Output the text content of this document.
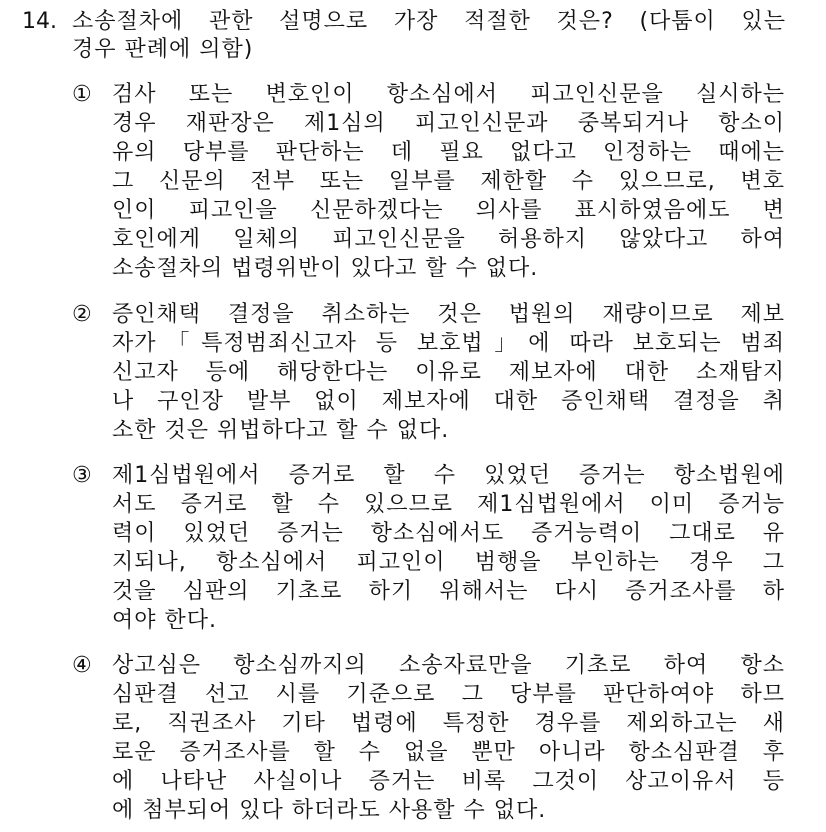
14. 소송절차에 관한 설명으로 가장 적절한 것은? (다툼이 있는
경우 판례에 의함)
① 검사 또는 변호인이 항소심에서 피고인신문을 실시하는
경우 재판장은 제1심의 피고인신문과 중복되거나 항소이
유의 당부를 판단하는 데 필요 없다고 인정하는 때에는
그 신문의 전부 또는 일부를 제한할 수 있으므로, 변호
인이 피고인을 신문하겠다는 의사를 표시하였음에도 변
호인에게 일체의 피고인신문을 허용하지 않았다고 하여
소송절차의 법령위반이 있다고 할 수 없다.
② 증인채택 결정을 취소하는 것은 법원의 재량이므로 제보
자가「특정범죄신고자 등 보호법」에 따라 보호되는 범죄
신고자 등에 해당한다는 이유로 제보자에 대한 소재탐지
나 구인장 발부 없이 제보자에 대한 증인채택 결정을 취
소한 것은 위법하다고 할 수 없다.
③ 제1심법원에서 증거로 할 수 있었던 증거는 항소법원에
서도 증거로 할 수 있으므로 제1심법원에서 이미 증거능
력이 있었던 증거는 항소심에서도 증거능력이 그대로 유
지되나, 항소심에서 피고인이 범행을 부인하는 경우 그
것을 심판의 기초로 하기 위해서는 다시 증거조사를 하
여야 한다.
④ 상고심은 항소심까지의 소송자료만을 기초로 하여 항소
심판결 선고 시를 기준으로 그 당부를 판단하여야 하므
로, 직권조사 기타 법령에 특정한 경우를 제외하고는 새
로운 증거조사를 할 수 없을 뿐만 아니라 항소심판결 후
에 나타난 사실이나 증거는 비록 그것이 상고이유서 등
에 첨부되어 있다 하더라도 사용할 수 없다.
